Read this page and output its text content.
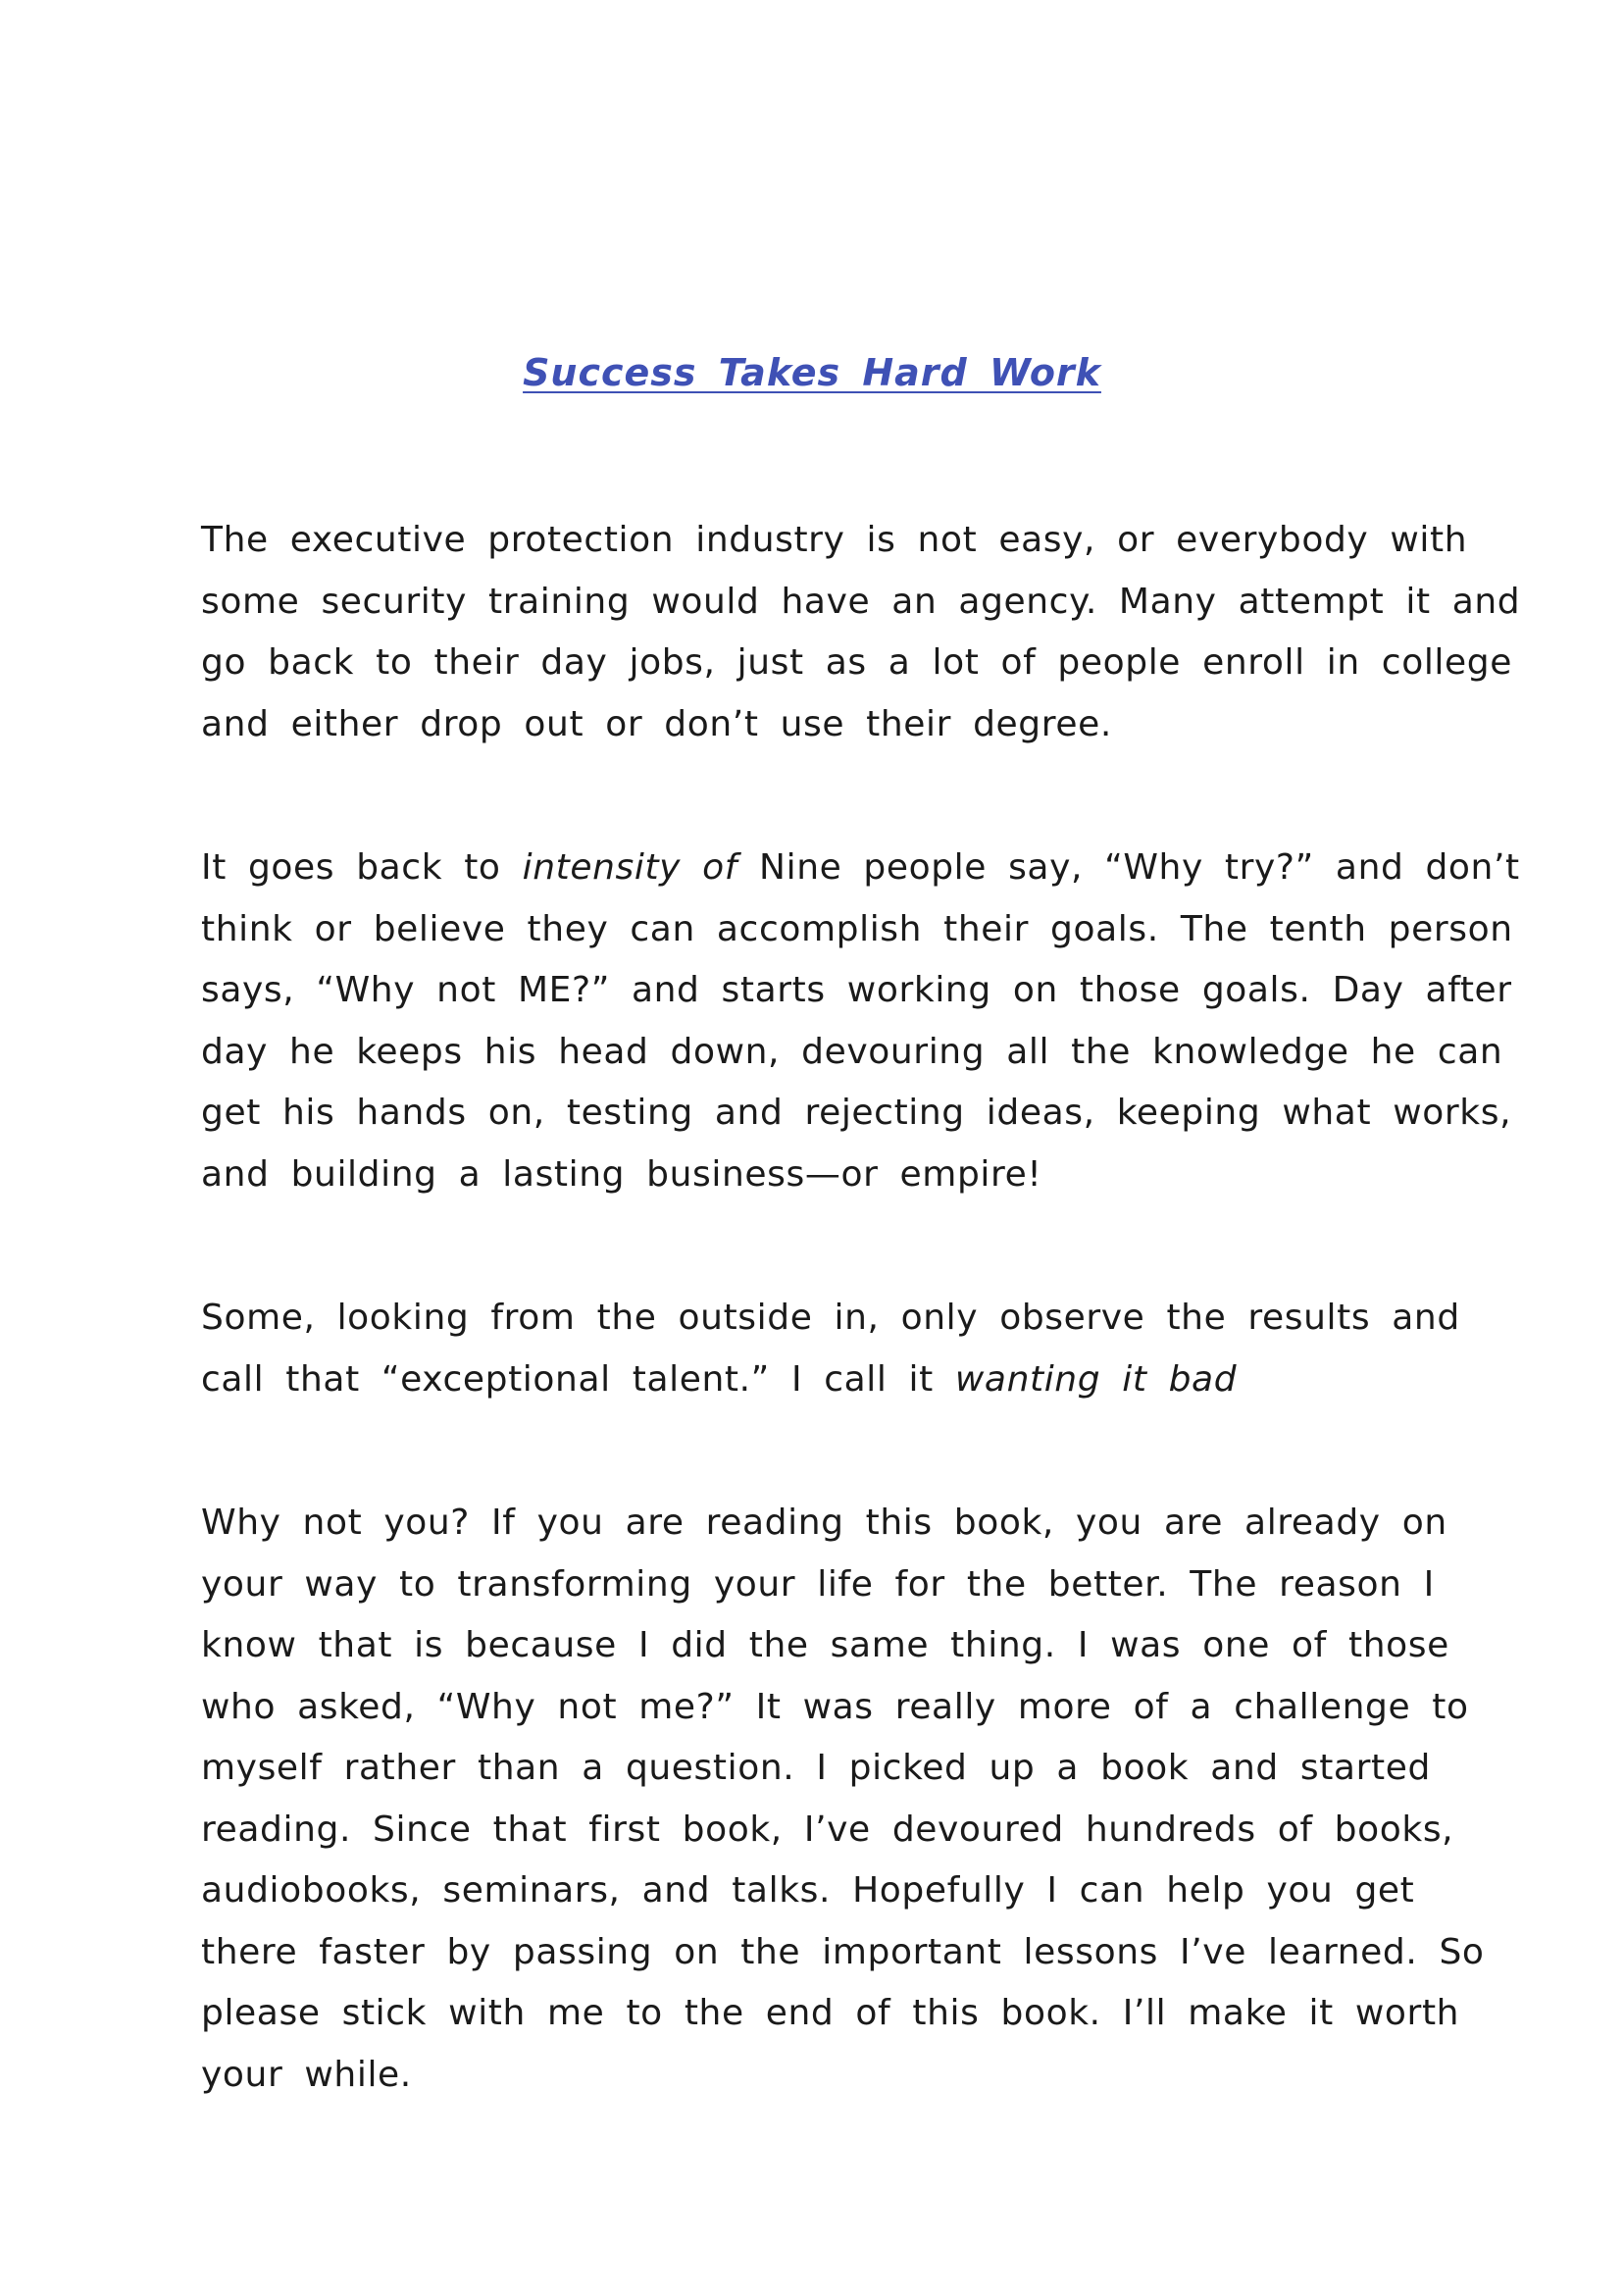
Success Takes Hard Work

The executive protection industry is not easy, or everybody with
some security training would have an agency. Many attempt it and
go back to their day jobs, just as a lot of people enroll in college
and either drop out or don’t use their degree.

It goes back to intensity of Nine people say, “Why try?” and don’t
think or believe they can accomplish their goals. The tenth person
says, “Why not ME?” and starts working on those goals. Day after
day he keeps his head down, devouring all the knowledge he can
get his hands on, testing and rejecting ideas, keeping what works,
and building a lasting business—or empire!

Some, looking from the outside in, only observe the results and
call that “exceptional talent.” I call it wanting it bad

Why not you? If you are reading this book, you are already on
your way to transforming your life for the better. The reason I
know that is because I did the same thing. I was one of those
who asked, “Why not me?” It was really more of a challenge to
myself rather than a question. I picked up a book and started
reading. Since that first book, I’ve devoured hundreds of books,
audiobooks, seminars, and talks. Hopefully I can help you get
there faster by passing on the important lessons I’ve learned. So
please stick with me to the end of this book. I’ll make it worth
your while.
